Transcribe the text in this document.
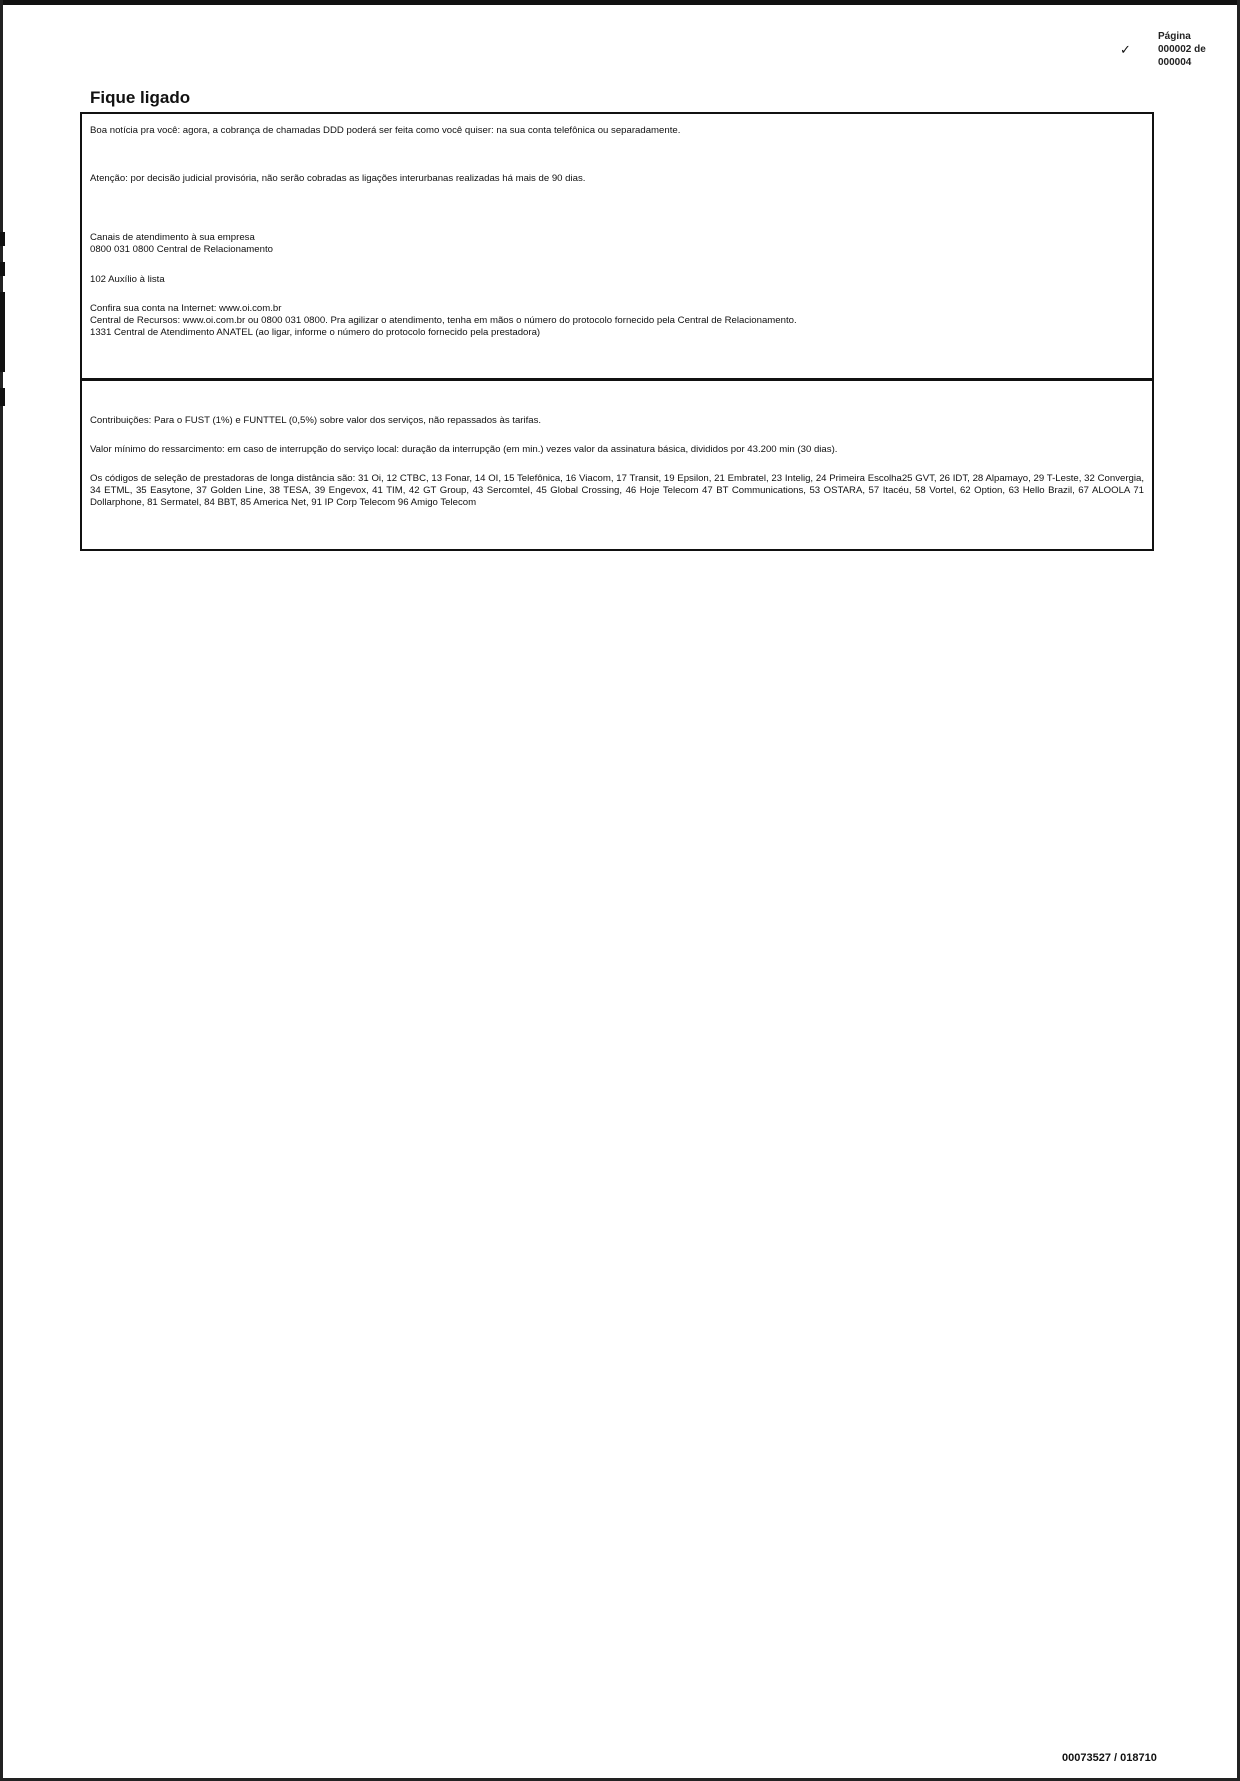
✓
Página
000002 de
000004
Fique ligado

Boa notícia pra você: agora, a cobrança de chamadas DDD poderá ser feita como você quiser: na sua conta telefônica ou separadamente.

Atenção: por decisão judicial provisória, não serão cobradas as ligações interurbanas realizadas há mais de 90 dias.

Canais de atendimento à sua empresa

0800 031 0800 Central de Relacionamento

102 Auxílio à lista

Confira sua conta na Internet: www.oi.com.br

Central de Recursos: www.oi.com.br ou 0800 031 0800. Pra agilizar o atendimento, tenha em mãos o número do protocolo fornecido pela Central de Relacionamento.

1331 Central de Atendimento ANATEL (ao ligar, informe o número do protocolo fornecido pela prestadora)

Contribuições: Para o FUST (1%) e FUNTTEL (0,5%) sobre valor dos serviços, não repassados às tarifas.

Valor mínimo do ressarcimento: em caso de interrupção do serviço local: duração da interrupção (em min.) vezes valor da assinatura básica, divididos por 43.200 min (30 dias).

Os códigos de seleção de prestadoras de longa distância são: 31 Oi, 12 CTBC, 13 Fonar, 14 OI, 15 Telefônica, 16 Viacom, 17 Transit, 19 Epsilon, 21 Embratel, 23 Intelig, 24 Primeira Escolha25 GVT, 26 IDT, 28 Alpamayo, 29 T-Leste, 32 Convergia, 34 ETML, 35 Easytone, 37 Golden Line, 38 TESA, 39 Engevox, 41 TIM, 42 GT Group, 43 Sercomtel, 45 Global Crossing, 46 Hoje Telecom 47 BT Communications, 53 OSTARA, 57 Itacéu, 58 Vortel, 62 Option, 63 Hello Brazil, 67 ALOOLA 71 Dollarphone, 81 Sermatel, 84 BBT, 85 America Net, 91 IP Corp Telecom 96 Amigo Telecom

00073527 / 018710
